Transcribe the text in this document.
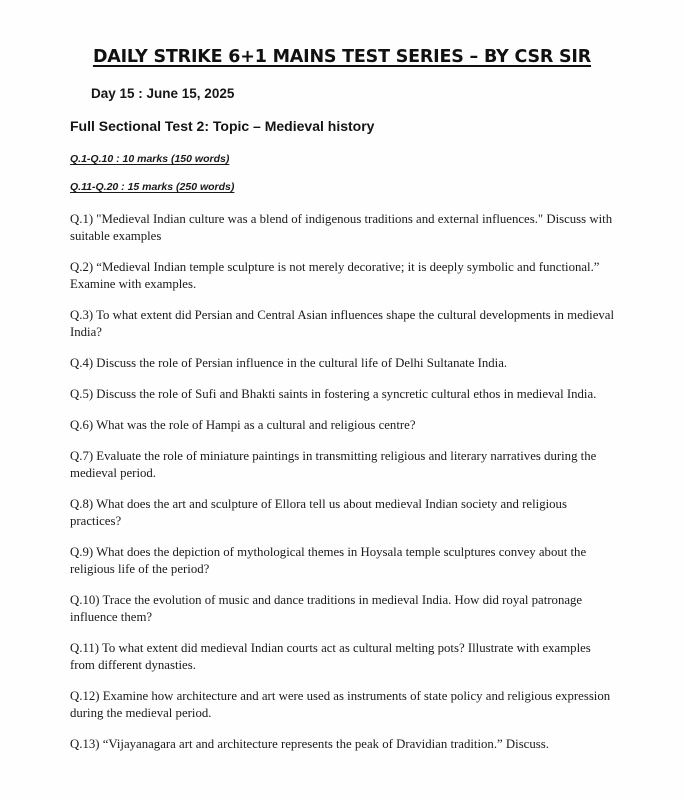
DAILY STRIKE 6+1 MAINS TEST SERIES – BY CSR SIR
Day 15 : June 15, 2025
Full Sectional Test 2: Topic – Medieval history
Q.1-Q.10 : 10 marks (150 words)
Q.11-Q.20 : 15 marks (250 words)
Q.1) "Medieval Indian culture was a blend of indigenous traditions and external influences." Discuss with suitable examples
Q.2) “Medieval Indian temple sculpture is not merely decorative; it is deeply symbolic and functional.” Examine with examples.
Q.3) To what extent did Persian and Central Asian influences shape the cultural developments in medieval India?
Q.4) Discuss the role of Persian influence in the cultural life of Delhi Sultanate India.
Q.5) Discuss the role of Sufi and Bhakti saints in fostering a syncretic cultural ethos in medieval India.
Q.6) What was the role of Hampi as a cultural and religious centre?
Q.7) Evaluate the role of miniature paintings in transmitting religious and literary narratives during the medieval period.
Q.8) What does the art and sculpture of Ellora tell us about medieval Indian society and religious practices?
Q.9) What does the depiction of mythological themes in Hoysala temple sculptures convey about the religious life of the period?
Q.10) Trace the evolution of music and dance traditions in medieval India. How did royal patronage influence them?
Q.11) To what extent did medieval Indian courts act as cultural melting pots? Illustrate with examples from different dynasties.
Q.12) Examine how architecture and art were used as instruments of state policy and religious expression during the medieval period.
Q.13) “Vijayanagara art and architecture represents the peak of Dravidian tradition.” Discuss.
